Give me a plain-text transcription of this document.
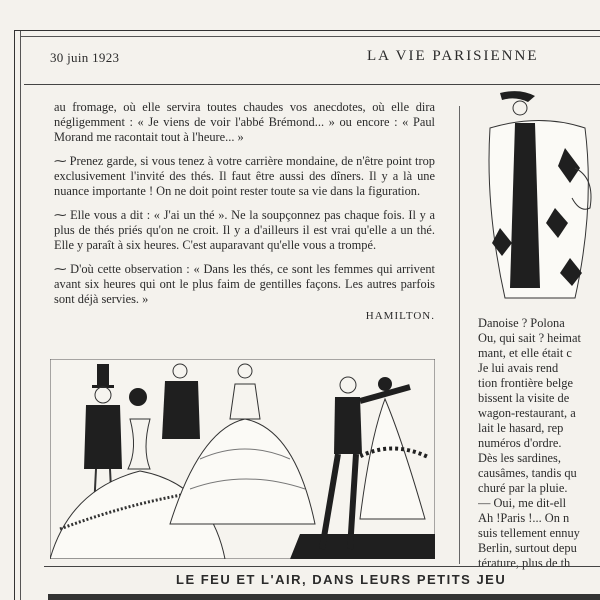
30 juin 1923	LA VIE PARISIENNE

au fromage, où elle servira toutes chaudes vos anecdotes, où elle dira négligemment : « Je viens de voir l'abbé Brémond... » ou encore : « Paul Morand me racontait tout à l'heure... »

⁓ Prenez garde, si vous tenez à votre carrière mondaine, de n'être point trop exclusivement l'invité des thés. Il faut être aussi des dîners. Il y a là une nuance importante ! On ne doit point rester toute sa vie dans la figuration.

⁓ Elle vous a dit : « J'ai un thé ». Ne la soupçonnez pas chaque fois. Il y a plus de thés priés qu'on ne croit. Il y a d'ailleurs il est vrai qu'elle a un thé. Elle y paraît à six heures. C'est auparavant qu'elle vous a trompé.

⁓ D'où cette observation : « Dans les thés, ce sont les femmes qui arrivent avant six heures qui ont le plus faim de gentilles façons. Les autres parfois sont déjà servies. »

HAMILTON.	Danoise ? Polona
Ou, qui sait ? heimat
mant, et elle était c
Je lui avais rend
tion frontière belge
bissent la visite de
wagon-restaurant, a
lait le hasard, rep
numéros d'ordre.
Dès les sardines,
causâmes, tandis qu
churé par la pluie.
— Oui, me dit-ell
Ah !Paris !... On n
suis tellement ennuy
Berlin, surtout depu
térature, plus de th
LE FEU ET L'AIR, DANS LEURS PETITS JEU
